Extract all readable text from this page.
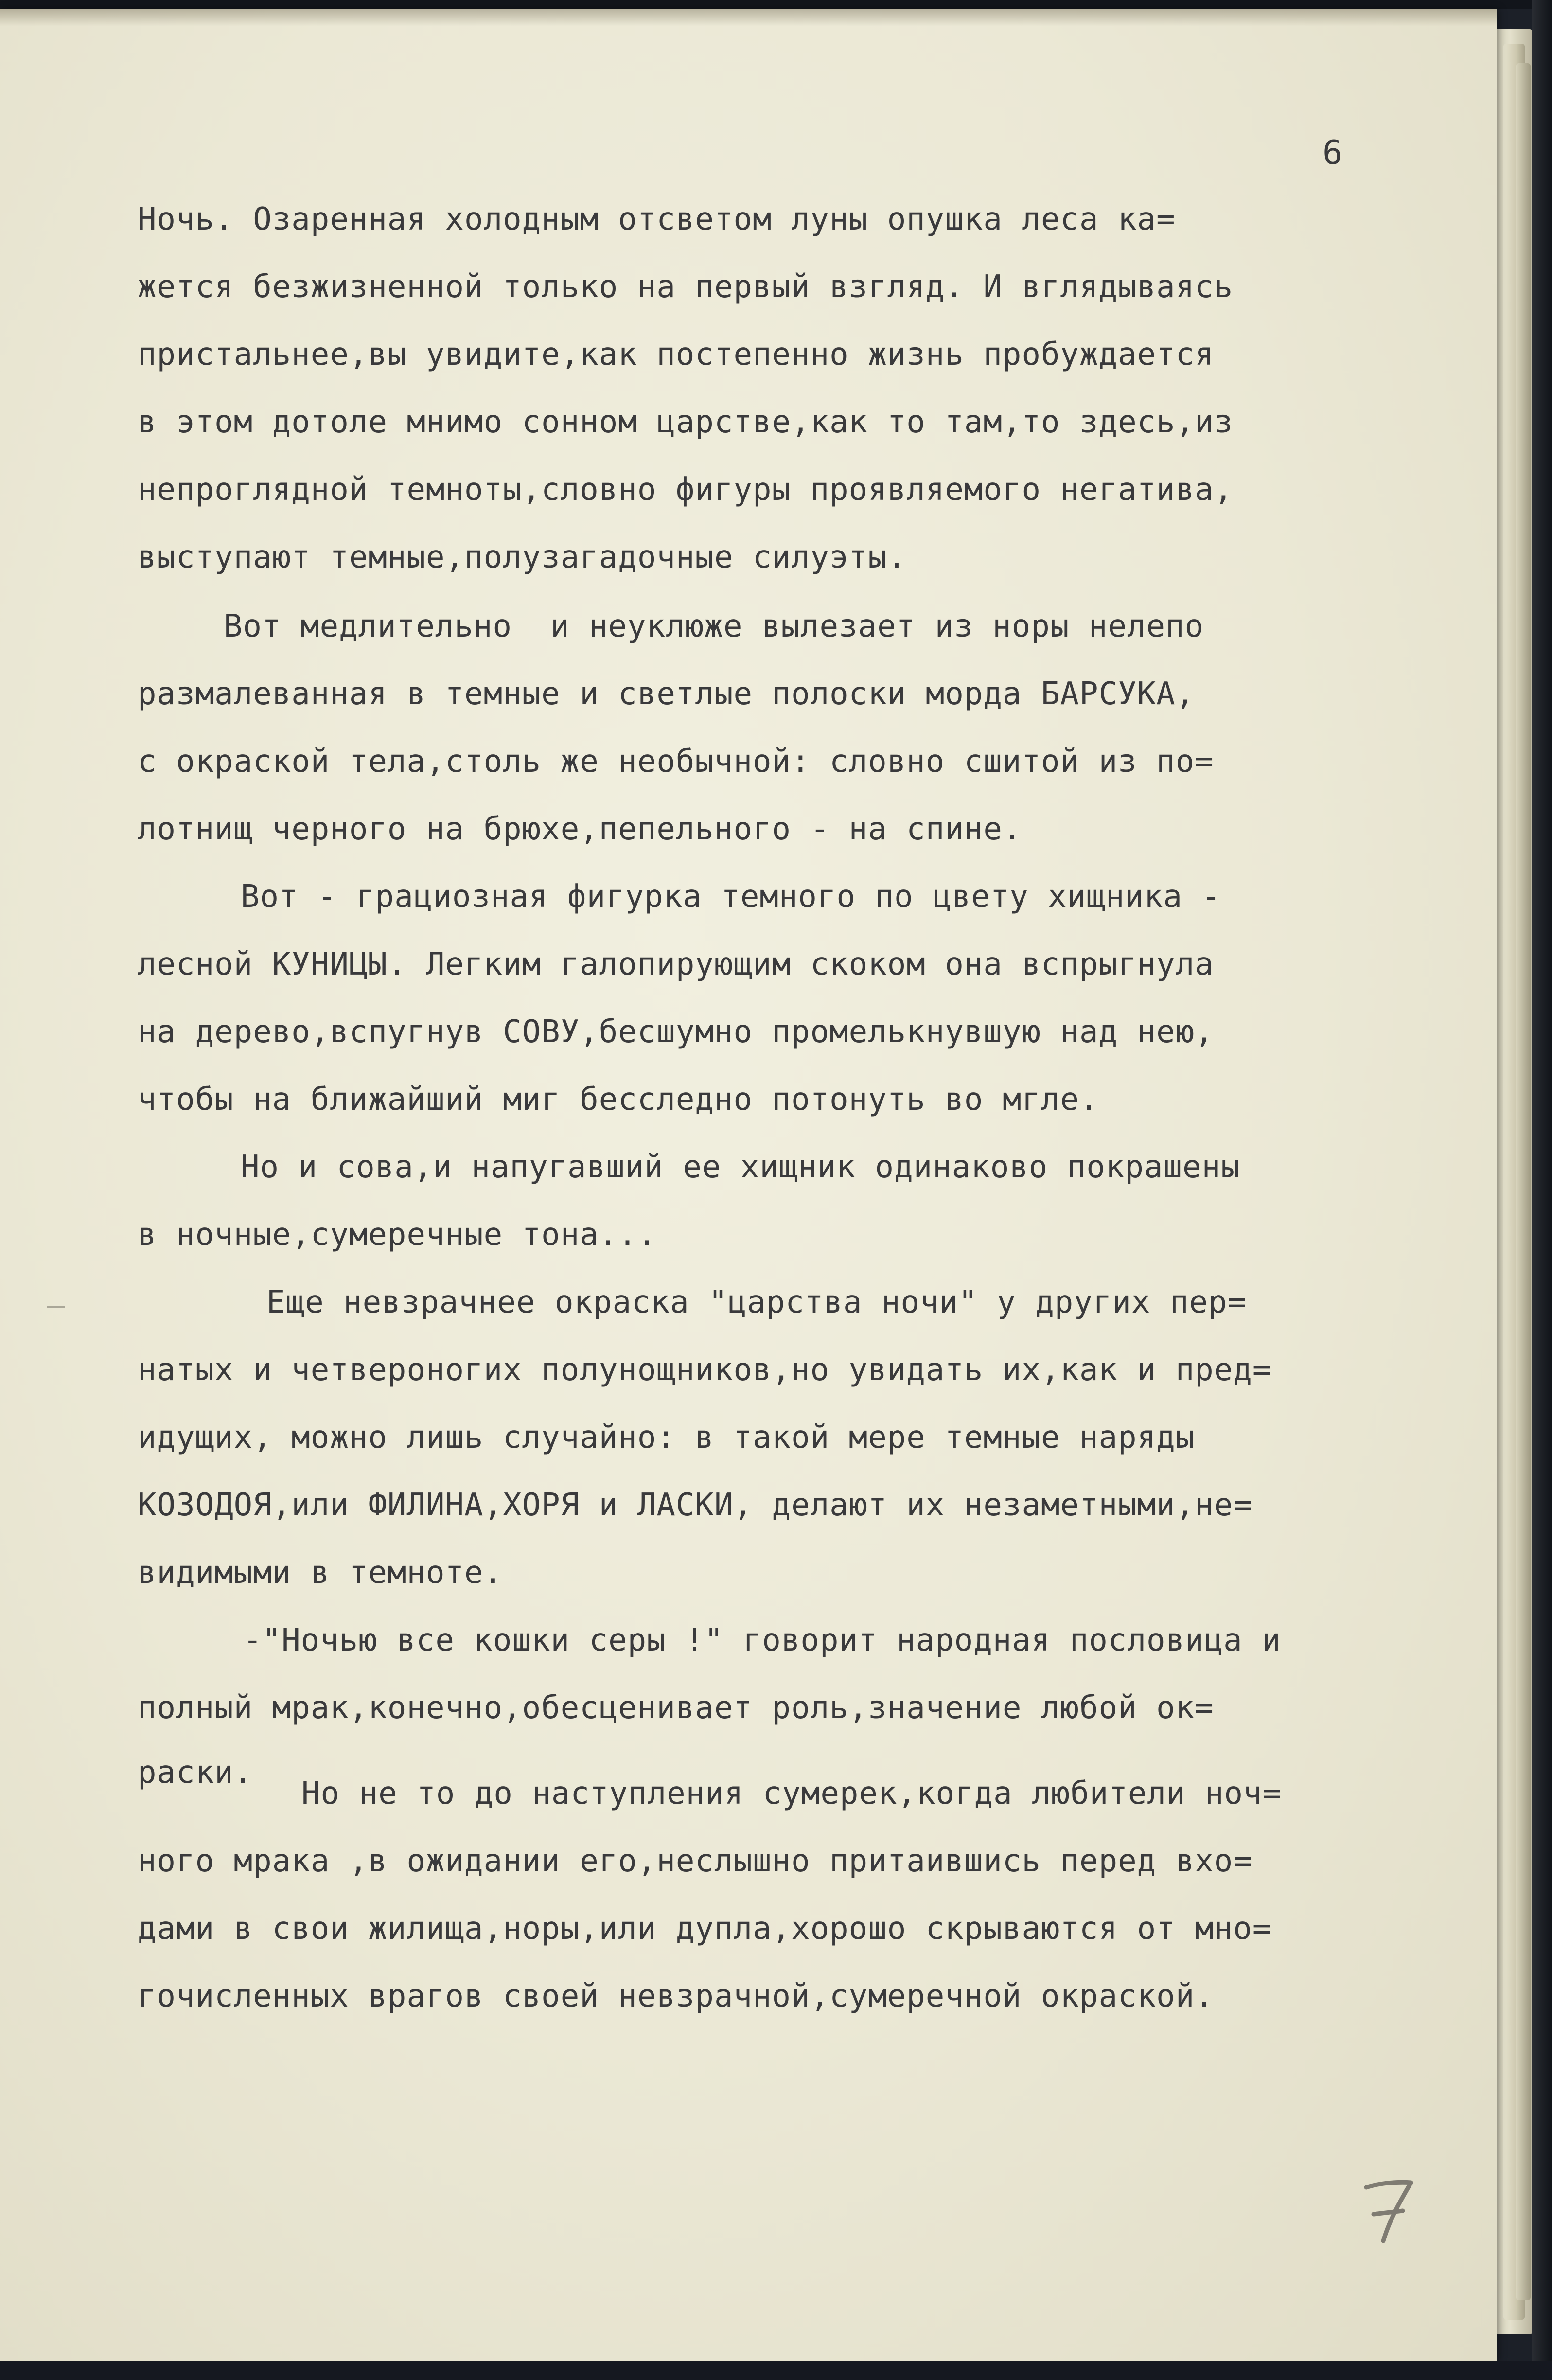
6
Ночь. Озаренная холодным отсветом луны опушка леса ка=
жется безжизненной только на первый взгляд. И вглядываясь
пристальнее,вы увидите,как постепенно жизнь пробуждается
в этом дотоле мнимо сонном царстве,как то там,то здесь,из
непроглядной темноты,словно фигуры проявляемого негатива,
выступают темные,полузагадочные силуэты.
Вот медлительно  и неуклюже вылезает из норы нелепо
размалеванная в темные и светлые полоски морда БАРСУКА,
с окраской тела,столь же необычной: словно сшитой из по=
лотнищ черного на брюхе,пепельного - на спине.
Вот - грациозная фигурка темного по цвету хищника -
лесной КУНИЦЫ. Легким галопирующим скоком она вспрыгнула
на дерево,вспугнув СОВУ,бесшумно промелькнувшую над нею,
чтобы на ближайший миг бесследно потонуть во мгле.
Но и сова,и напугавший ее хищник одинаково покрашены
в ночные,сумеречные тона...
Еще невзрачнее окраска "царства ночи" у других пер=
натых и четвероногих полунощников,но увидать их,как и пред=
идущих, можно лишь случайно: в такой мере темные наряды
КОЗОДОЯ,или ФИЛИНА,ХОРЯ и ЛАСКИ, делают их незаметными,не=
видимыми в темноте.
-"Ночью все кошки серы !" говорит народная пословица и
полный мрак,конечно,обесценивает роль,значение любой ок=
раски.
Но не то до наступления сумерек,когда любители ноч=
ного мрака ,в ожидании его,неслышно притаившись перед вхо=
дами в свои жилища,норы,или дупла,хорошо скрываются от мно=
гочисленных врагов своей невзрачной,сумеречной окраской.
